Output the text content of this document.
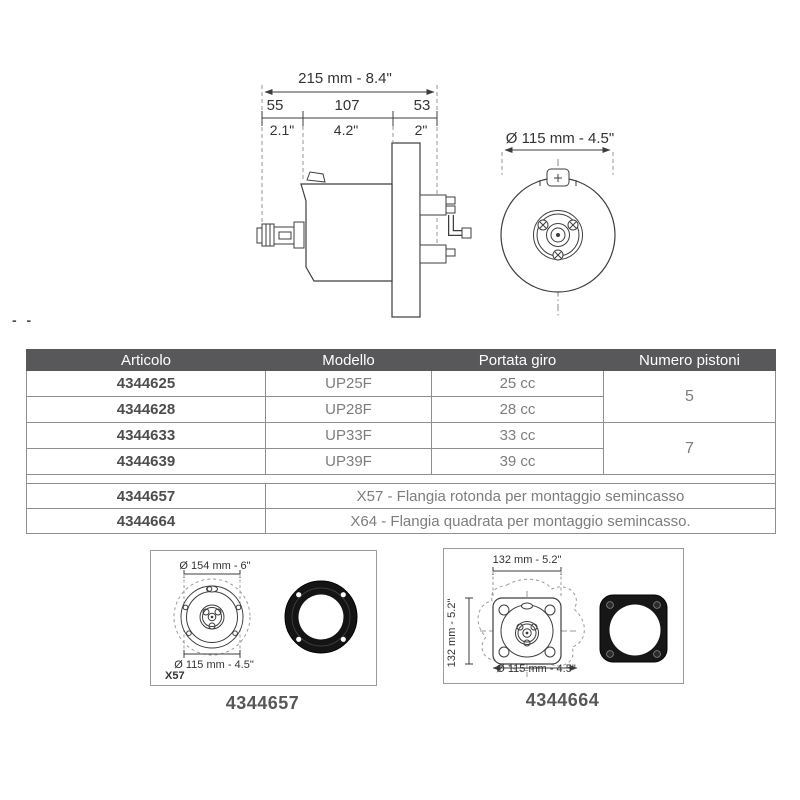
- -
215 mm - 8.4"
55	107	53
2.1"	4.2"	2"	Ø 115 mm - 4.5"
Articolo	Modello	Portata giro	Numero pistoni
4344625	UP25F	25 cc	5
4344628	UP28F	28 cc	
4344633	UP33F	33 cc	7
4344639	UP39F	39 cc	

4344657	X57 - Flangia rotonda per montaggio semincasso		
4344664	X64 - Flangia quadrata per montaggio semincasso.		
Ø 154 mm - 6"
Ø 115 mm - 4.5"
X57
4344657
132 mm - 5.2"
132 mm - 5.2"
Ø 115 mm - 4.5"
4344664
